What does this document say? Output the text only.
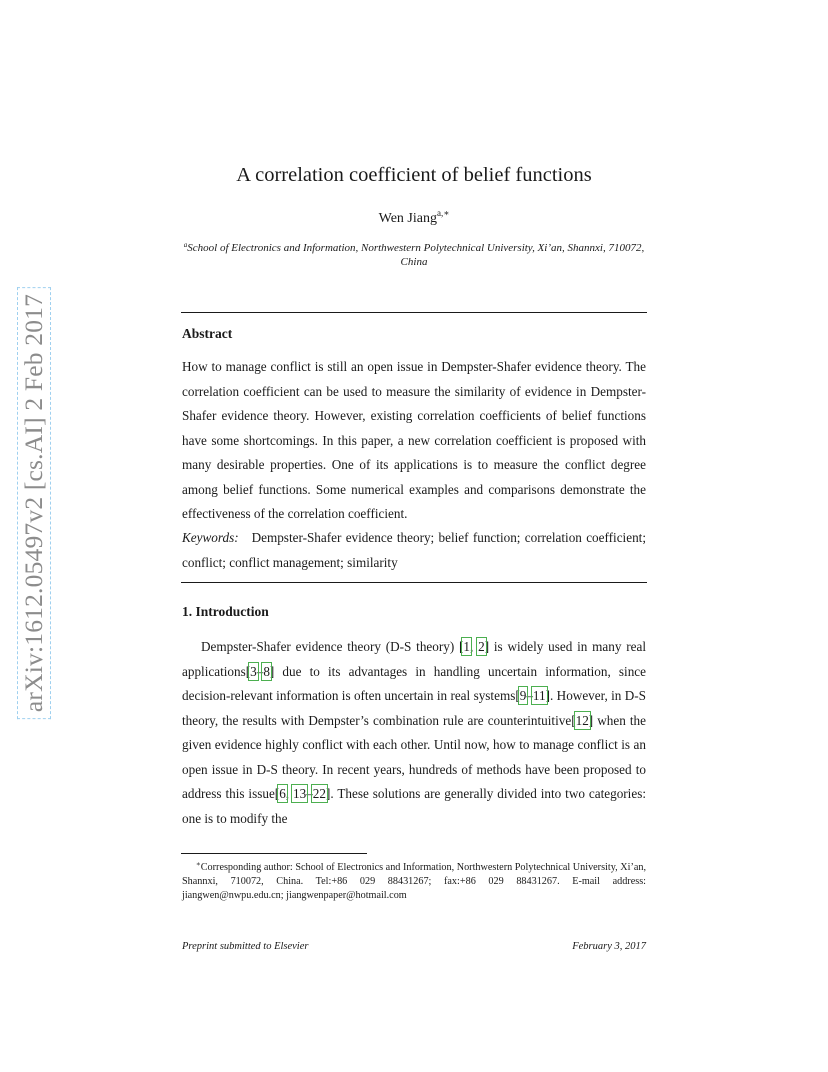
arXiv:1612.05497v2 [cs.AI] 2 Feb 2017
A correlation coefficient of belief functions
Wen Jiang$^{a,∗}$
$^a$School of Electronics and Information, Northwestern Polytechnical University, Xi’an, Shannxi, 710072, China
Abstract
How to manage conflict is still an open issue in Dempster-Shafer evidence theory. The correlation coefficient can be used to measure the similarity of evidence in Dempster-Shafer evidence theory. However, existing correlation coefficients of belief functions have some shortcomings. In this paper, a new correlation coefficient is proposed with many desirable properties. One of its applications is to measure the conflict degree among belief functions. Some numerical examples and comparisons demonstrate the effectiveness of the correlation coefficient.
Keywords: Dempster-Shafer evidence theory; belief function; correlation coefficient; conflict; conflict management; similarity
1. Introduction
Dempster-Shafer evidence theory (D-S theory) [1, 2] is widely used in many real applications[3–8] due to its advantages in handling uncertain information, since decision-relevant information is often uncertain in real systems[9–11]. However, in D-S theory, the results with Dempster’s combination rule are counterintuitive[12] when the given evidence highly conflict with each other. Until now, how to manage conflict is an open issue in D-S theory. In recent years, hundreds of methods have been proposed to address this issue[6, 13–22]. These solutions are generally divided into two categories: one is to modify the
∗Corresponding author: School of Electronics and Information, Northwestern Polytechnical University, Xi’an, Shannxi, 710072, China. Tel:+86 029 88431267; fax:+86 029 88431267. E-mail address: jiangwen@nwpu.edu.cn; jiangwenpaper@hotmail.com
Preprint submitted to Elsevier	February 3, 2017
